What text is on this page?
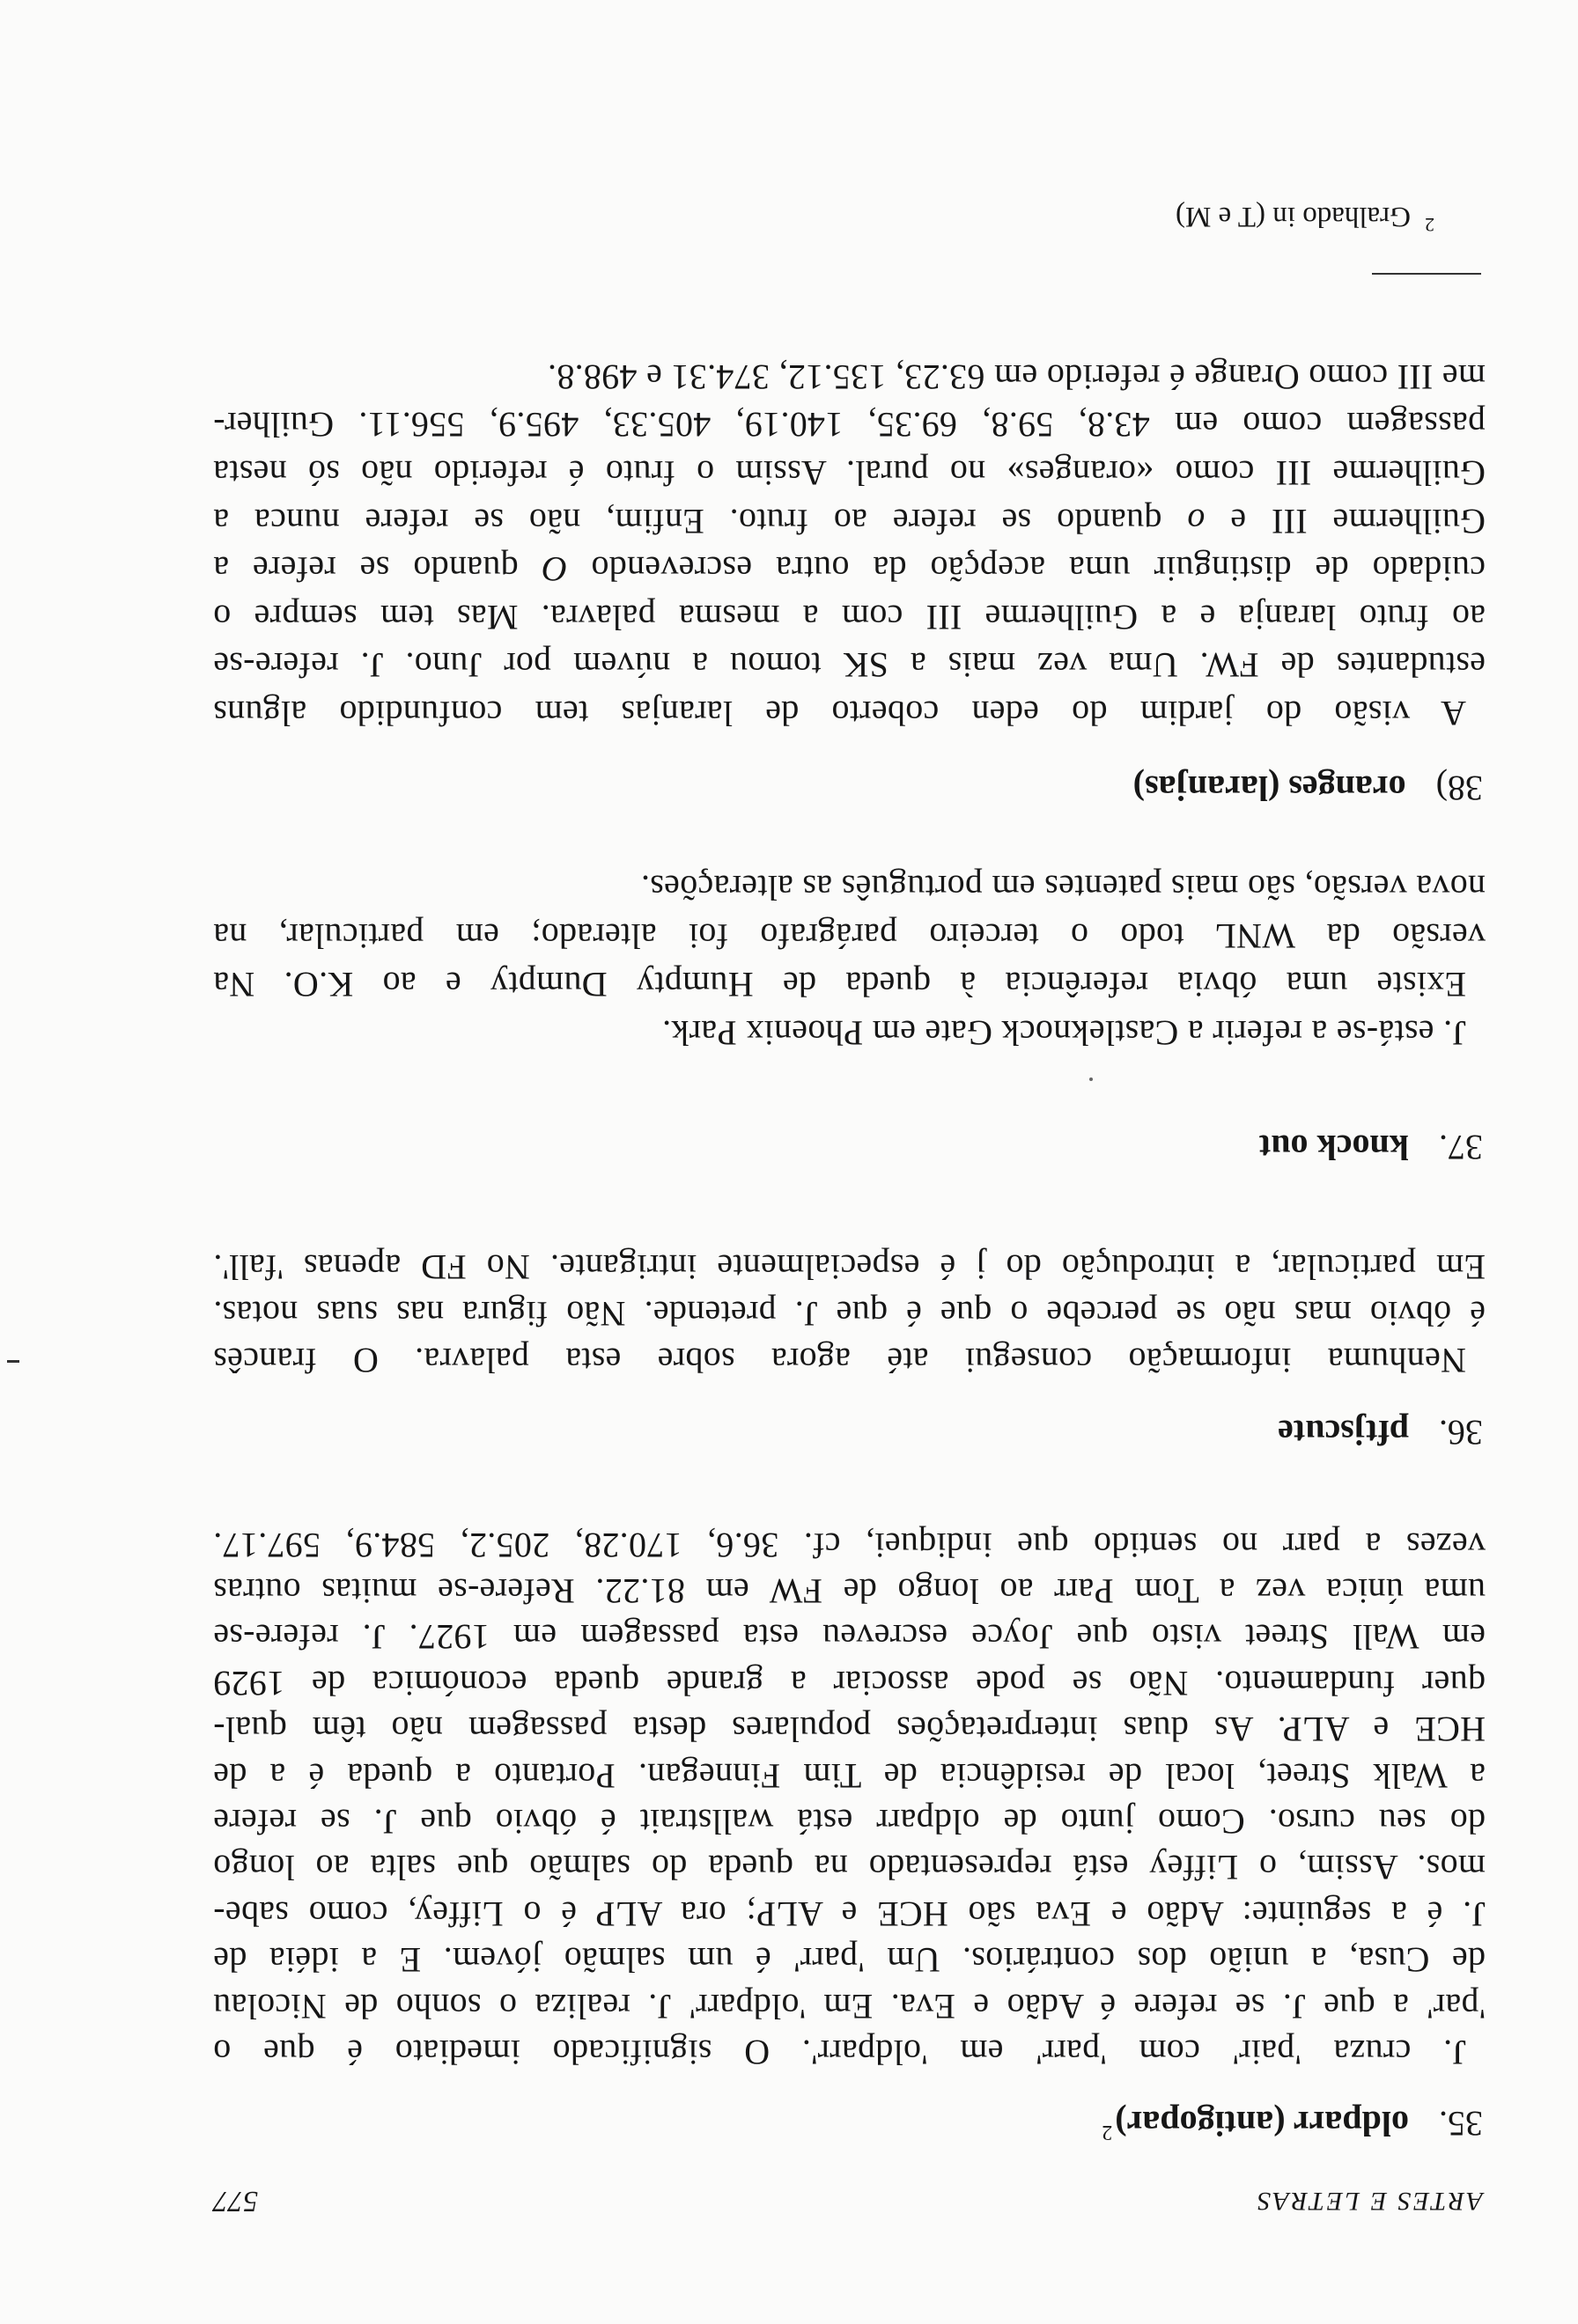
ARTES E LETRAS
577
35.oldparr (antigopar)$^2$
J. cruza 'pair' com 'parr' em 'oldparr'. O significado imediato é que o
'par' a que J. se refere é Adão e Eva. Em 'oldparr' J. realiza o sonho de Nicolau
de Cusa, a união dos contrários. Um 'parr' é um salmão jóvem. E a idéia de
J. é a seguinte: Adão e Eva são HCE e ALP; ora ALP é o Liffey, como sabe-
mos. Assim, o Liffey está representado na queda do salmão que salta ao longo
do seu curso. Como junto de oldparr está wallstrait é óbvio que J. se refere
a Walk Street, local de residência de Tim Finnegan. Portanto a queda é a de
HCE e ALP. As duas interpretações populares desta passagem não têm qual-
quer fundamento. Não se pode associar a grande queda económica de 1929
em Wall Street visto que Joyce escreveu esta passagem em 1927. J. refere-se
uma única vez a Tom Parr ao longo de FW em 81.22. Refere-se muitas outras
vezes a parr no sentido que indiquei, cf. 36.6, 170.28, 205.2, 584.9, 597.17.
36.pftjscute
Nenhuma informação consegui até agora sobre esta palavra. O francês
é óbvio mas não se percebe o que é que J. pretende. Não figura nas suas notas.
Em particular, a introdução do j é especialmente intrigante. No FD apenas 'fall'.
37.knock out
J. está-se a referir a Castleknock Gate em Phoenix Park.
Existe uma óbvia referência à queda de Humpty Dumpty e ao K.O. Na
versão da WNL todo o terceiro parágrafo foi alterado; em particular, na
nova versão, são mais patentes em português as alterações.
38)oranges (laranjas)
A visão do jardim do eden coberto de laranjas tem confundido alguns
estudantes de FW. Uma vez mais a SK tomou a núvem por Juno. J. refere-se
ao fruto laranja e a Guilherme III com a mesma palavra. Mas tem sempre o
cuidado de distinguir uma acepção da outra escrevendo O quando se refere a
Guilherme III e o quando se refere ao fruto. Enfim, não se refere nunca a
Guilherme III como «oranges» no pural. Assim o fruto é referido não só nesta
passagem como em 43.8, 59.8, 69.35, 140.19, 405.33, 495.9, 556.11. Guilher-
me III como Orange é referido em 63.23, 135.12, 374.31 e 498.8.
$^2$Gralhado in (T e M)
